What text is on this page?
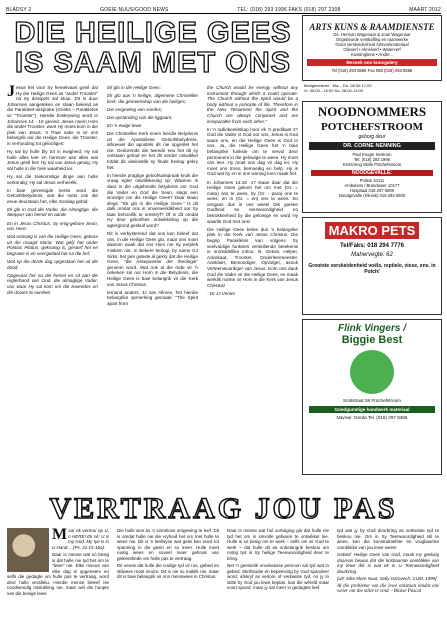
BLADSY 2	GOEIE NUUS/GOOD NEWS	TEL: (018) 293 1996 FAKS (018) 297 2308	MAART 2012
DIE HEILIGE GEES
IS SAAM MET ONS

Jesus het voor Sy hemelvaart gesê dat Hy die Heilige Gees as "ander Trooster" na Sy dissipels sal stuur. Dit is duur Johannes aangeteken en staan bekend as die Parakleet-uitsprake (Grieks – Parakletos vir "Trooster"). Hierdie beskrywing word in Johannes 14 - 16 gevind. Jesus noem Hom die ander Trooster, want Hy moes kom in die plek van Jesus. 'n Paar sake is vir ons belangrik oor die Heilige Gees, die Trooster, in verhouding tot geloofiges:

Hy sal by hulle bly tot in ewigheid; Hy sal hulle alles leer en herinner aan alles wat Jesus gesê het; Hy sal van Jesus getuig; Hy sal hulle in die hele waarheid lei.

Hy sal die toekomstige dinge aan hulle verkondig; Hy sal Jesus verheerlik.

In baie gevestigde kerke word die Geloofsbelydenis, wat die toets van die eeue deurstaan het, elke Sondag gebid:

Ek glo in God die Vader, die Almagtige, die Skepper van hemel en aarde.

En in Jesus Christus, Sy enig-gebore Seun, ons Here;

Wat ontvang is van die Heilige Gees, gebore uit die maagd Maria; Wat gely het onder Pontius Pilatus, gekruisig is, gesterf het en begrawe is en neergedaal het na die hel;

Wat op die derde dag opgestaan het uit die dood;

Opgevaar het na die hemel en sit aan die regterhand van God, die almagtige Vader, van waar Hy sal kom om die lewendes en die dooies te oordeel.

Ek glo in die Heilige Gees;

Ek glo aan 'n heilige, algemene Christelike kerk, die gemeenskap van die heiliges;

Die vergewing van sondes;

Die opstanding van die liggaam;

En 'n ewige lewe.

Die Christelike Kerk noem hierdie Belydenis uit die Apostoliese Geloofsbelydenis, alhoewel die apostels dit nie opgestel het nie. Gedurende die tweede eeu het dit sy ontstaan gehad en het dit verder ontwikkel totdat dit uiteindelik sy finale beslag gekry het.

In hierdie pragtige geloofsuitspraak kruik die vraag egter onwillekeurig op: Waarom is daar in die uitgebreide belydenis oor God die Vader en God die Seun, slegs een sinnetjie oor die Heilige Gees? Daar staan slegs: "Ek glo in die Heilige Gees." Is dit dalk omdat ons in onverwerklikheid oor Sy taak behoorlik te omskryf? Of is dit omdat Hy deur geloofses ontwikkeling op die agtergrond geskuif word?

Dit is verbysterend dat ons kan beleef dat ons, in die Heilige Gees glo, maar ons moet daarom waak dat ons Hom nie Sy eerplek miskien nie. In Bekere teologi, by name GJ Sirks, het jare gelede al gekry dat die Heilige Gees, "die Assepoester der theologie" genoem word. Wat ook al die rede vir 'n onkeken sin oor Hom in die Belydenis, die Heilige Gees is baie belangrik vir die Kerk van Jesus Christus.

Iemand anders, JJ van Allmen, het hierdie belangrike opmerking gemaak: "The Spirit apart from

the Church would be energy without any instrument through which it could operate. The Church without the Spirit would be a body without a principle of life. Therefore in the New Testament the Spirit and the Church are always conjoined and are inseparable from each other."

In 'n radiobeeldskap hoor ek 'n predikant s? God die Vader is God oor ons, Jesus is God saam ons, en die Heilige Gees is God in ons. Ja, die Heilige Gees het 'n baie belangrike funksie om te vervul deur permanent in die gelowige te wees. Hy moet ons leer. Hy moet ons dag vir dag lei, Hy moet ons troos, bemoedig en help. Hy is God wat by en in ons woning kom maak het.

In Johannes 14:16 -17 staan daar dat die Heilige Gees gekom het om met (Gr. = meta) ons te wees, by (Gr. - para) ons te wees, en in (Gr. = en) ons te wees. So omgaan dus in ons wees! Die garsee Godheid se teenwoordigheid en betrokkenheid by die gelowige en word Hy waarlik God met ons!

Die Heilige Gees belee dus 'n belangrike plek in die Kerk van Jesus Christus. Die begrip Paraklétos kan volgens Sy veelvuldige funksies verskillende betekenis in onmiddellike inhou, nl. Getuie, Helper, Advokaat, Trooster, Onderleermeester, Aanklaer, Bemoediger, Opvolger, asook Verteenwoordiger van Jesus. Kom ons dank God die Vader vir die Heilige Gees, en maak werklik ruimte vir Hom in die Kerk van Jesus Christus!

- Dr JJ Venter

ARTS KUNS & RAAMDIENSTE
Ds. Herman Wagenaar & Joan Wagenaar
Ongebeurde verskaffing en raamwerke
Groot verskeidenheid Artsvorkmateriaal
Olieverf • Akrielverf • Waterverf
Kussinglinne • Ander...
Besoek ons kunsgalery
Tel (018) 293 8566 Fax 088 (018) 293 8566
Besigheidsure : Ma. - Do. 08:30-17:00
Vr. 08:00 - 16:00 Sa. 08:00-13:00
NOODNOMMERS
POTCHEFSTROOM
geborg deur
DR. CORNE NENNING
Paul Kruger Sentrum
Tel: (018) 293 1996
Kemtoring Skille Potchefstroom
NOODGEVALLE:
Polisie 10111
Ambulans / Brandweer 10177
Hospitaal 018 297 5800
Noodgevalle (Kliniek) 018 293 0900
MAKRO PETS
Tel/Faks: 018 294 7776
Mahervegte. 62
Grootste verskeidenheid voëls, reptiele, visse, ens. in Potch!
Flink Vingers /
Biggie Best
Smitstraat 58 Potchefstroom
Goedgunstige handwerk materiaal
Navrae: Gerda Tel. (018) 297 8366
VERTRAAG JOU PAS

Maar ek vertrou op U, o HERE! Ek sê: U is my God. My tye is in U Hand… (Ps. 31:15-16a).

Daar is mense wat só besig is dat hulle nie tyd het om te "lewe" nie. Elke minuut van elke dag is opgeneem en selfs die gedagte om hulle pas te vertraag, word deur hulle verafsku. Hierdie mense beleef nie noodwendig mislukking nie, maar wel die hoopte van die besige lewe.

Die hulle sien as 'n sinnelose omgewing te leef. Dit is omdat hulle nie die vryheid het om met hulle te wees nie. Dit is 'n leefwyse wat gelei kan word tot spanning in die gesin en so meer. Hulle moet rustig wees en soveel meer gebruik van geleenthede om hulle pas te vertraag.

Dit vereis dat hulle die nodige tyd vir rus, gebed en stilwees moet inruim. Dit is nie so maklik nie, maar dit is baie belangrik vir ons menswees in Christus.

Daar is mense wat hul oortuiging glo dat hulle nie tyd het om in sinvolle gebeure te ontwikkel nie. Hulle is só besig om te werk – selfs om vir God te werk – dat hulle dit as onbelangrik beskou om rustig tyd in Sy heilige Teenwoordigheid deur te bring.

Net 'n geestelik onvolwasse persoon sal tyd wat in gebed, Skrifstudie en bepeinsing by God spandeer word, afskryf as verlore of verkwiste tyd. As jy in stilte by God jou lewe beplan, kan die wêreld maar voort spoed, maar jy sal meer in gedagtes leef.

tyd wat jy by God deurbring as verkwiste tyd te beskou nie. Om in Sy Teenwoordigheid stil te wees, kan die konstruktiefste en vrugbaarste oomblikke van jou lewe wees!

Gebed: Heilige Gees van God, maak my gedurig daarvan bewus dat die kosbaarste oomblikke van my lewe dié is wat ek in U Teenwoordigheid deurbring.

[Uit: Elke More Nuut, Solly Ozrovech, CUM, 1999]

Al die probleme van die lewe ontstaan omdat ons weier om die stilte te vind. - Blaise Pascal
